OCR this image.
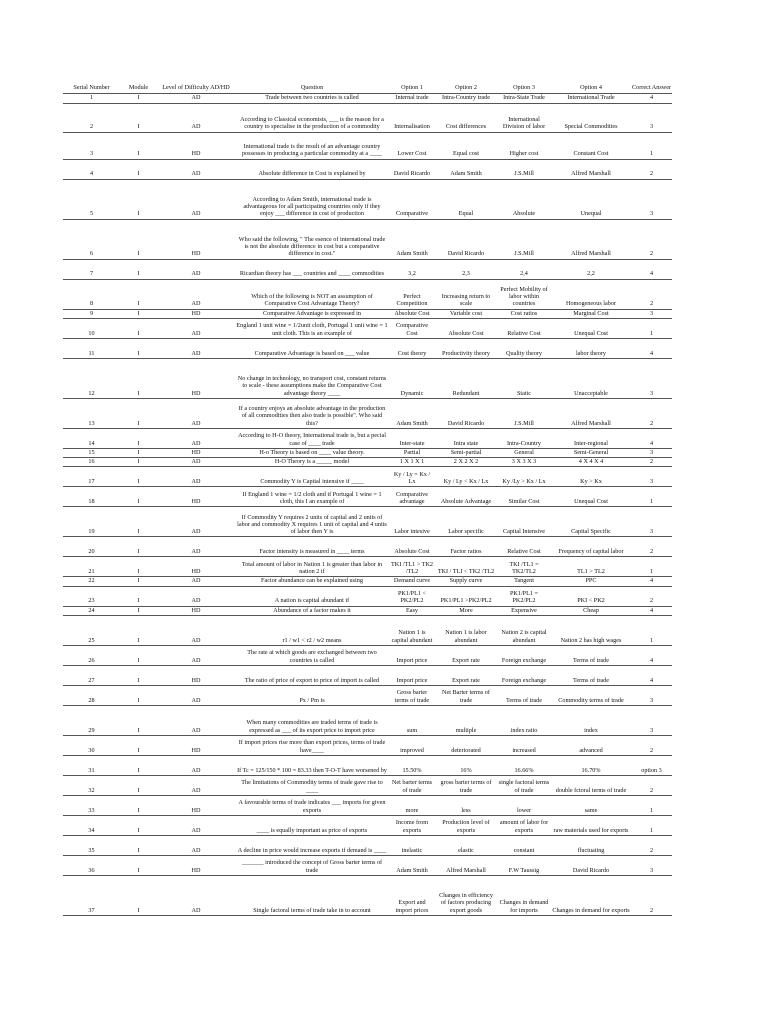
Serial Number	Module	Level of Difficulty AD/HD	Question	Option 1	Option 2	Option 3	Option 4	Correct Answer
1	I	AD	Trade between two countries is called	Internal trade	Intra-Country trade	Intra-State Trade	International Trade	4
2	I	AD	According to Classical economists, ___ is the reason for a country to specialise in the production of a commodity	Internalisation	Cost differences	International Division of labor	Special Commodities	3
3	I	HD	International trade is the result of an advantage country possesses in producing a particular commodity at a ____	Lower Cost	Equal cost	Higher cost	Constant Cost	1
4	I	AD	Absolute difference in Cost is explained by	David Ricardo	Adam Smith	J.S.Mill	Alfred Marshall	2
5	I	AD	According to Adam Smith, international trade is advantageous for all participating countries only if they enjoy ___ difference in cost of production	Comparative	Equal	Absolute	Unequal	3
6	I	HD	Who said the following, " The esence of international trade is not the absolute difference in cost but a comparative difference in cost."	Adam Smith	David Ricardo	J.S.Mill	Alfred Marshall	2
7	I	AD	Ricardian theory has ___ countries and ____ commodities	3,2	2,3	2,4	2,2	4
8	I	AD	Which of the following is NOT an assumption of Comparative Cost Advantage Theory?	Perfect Competition	Increasing return to scale	Perfect Mobility of labor within countries	Homogeneous labor	2
9	I	HD	Comparative Advantage is expressed in	Absolute Cost	Variable cost	Cost ratios	Marginal Cost	3
10	I	AD	England 1 unit wine = 1/2unit cloth, Portugal 1 unit wine = 1 unit cloth. This is an example of	Comparative Cost	Absolute Cost	Relative Cost	Unequal Cost	1
11	I	AD	Comparative Advantage is based on ___ value	Cost theory	Productivity theory	Quality theory	labor theory	4
12	I	HD	No change in technology, no transport cost, constant returns to scale - these assumptions make the Comparative Cost advantage theory ____	Dynamic	Redundant	Static	Unacceptable	3
13	I	AD	If a country enjoys an absolute advantage in the production of all commodities then also trade is possible". Who said this?	Adam Smith	David Ricardo	J.S.Mill	Alfred Marshall	2
14	I	AD	According to H-O theory, International trade is, but a pecial case of ____ trade	Inter-state	Intra state	Intra-Country	Inter-regional	4
15	I	HD	H-o Theory is based on ____ value theory.	Partial	Semi-partial	General	Semi-General	3
16	I	AD	H-O Theory is a _____ model	1 X 1 X 1	2 X 2 X 2	3 X 3 X 3	4 X 4 X 4	2
17	I	AD	Commodity Y is Capital intensive if ____	Ky / Ly = Kx / Lx	Ky / Ly < Kx / Lx	Ky /Ly > Kx / Lx	Ky > Kx	3
18	I	HD	If England 1 wine = 1/2 cloth and if Portugal 1 wine = 1 cloth, this I an example of	Comparative advantage	Absolute Advantage	Similar Cost	Unequal Cost	1
19	I	AD	If Commodity Y requires 2 units of capital and 2 units of labor and commodity X requires 1 unit of capital and 4 units of labor then Y is	Labor intesive	Labor specific	Capital Intensive	Capital Specific	3
20	I	AD	Factor intensity is measured in ____ terms	Absolute Cost	Factor ratios	Relative Cost	Frequency of capital labor	2
21	I	HD	Total amount of labor in Nation 1 is greater than labor in nation 2 if	TKI /TL1 > TK2 /TL2	TKI / TLI < TK2 /TL2	TKI /TL1 = TK2/TL2	TL1 > TL2	1
22	I	AD	Factor abundance can be explained using	Demand curve	Supply curve	Tangent	PPC	4
23	I	AD	A nation is capital abundant if	PK1/PL1 < PK2/PL2	PK1/PL1 >PK2/PL2	PK1/PL1 = PK2/PL2	PKI < PK2	2
24	I	HD	Abundance of a factor makes it	Easy	More	Expensive	Cheap	4
25	I	AD	r1 / w1 < r2 / w2 means	Nation 1 is capital abundant	Nation 1 is labor abundant	Nation 2 is capital abundant	Nation 2 has high wages	1
26	I	AD	The rate at which goods are exchanged between two countries is called	Import price	Export rate	Foreign exchange	Terms of trade	4
27	I	HD	The ratio of price of export to price of import is called	Import price	Export rate	Foreign exchange	Terms of trade	4
28	I	AD	Px / Pm is	Gross barter terms of trade	Net Barter terms of trade	Terms of trade	Commodity terms of trade	3
29	I	AD	When many commodities are traded terms of trade is expressed as ___ of its export price to import price	sum	multiple	index ratio	index	3
30	I	HD	If import prices rise more than export prices, terms of trade have____	improved	deteriorated	increased	advanced	2
31	I	AD	If Tc = 125/150 * 100 = 83.33 then T-O-T have worsened by	15.50%	16%	16.66%	16.70%	option 3
32	I	AD	The limitations of Commodity terms of trade gave rise to ____	Net barter terms of trade	gross barter terms of trade	single factoral terms of trade	double fctoral terms of trade	2
33	I	HD	A favourable terms of trade indicates ___ imports for given exports	more	less	lower	same	1
34	I	AD	____ is equally important as price of exports	Income from exports	Production level of exports	amount of labor for exports	raw materials used for exports	1
35	I	AD	A decline in price would increase exports if demand is ____	inelastic	elastic	constant	fluctuating	2
36	I	HD	_______ introduced the concept of Gross barter terms of trade	Adam Smith	Alfred Marshall	F.W Taussig	David Ricardo	3
37	I	AD	Single factoral terms of trade take in to account	Export and import prices	Changes in efficiency of factors producing export goods	Changes in demand for imports	Changes in demand for exports	2
